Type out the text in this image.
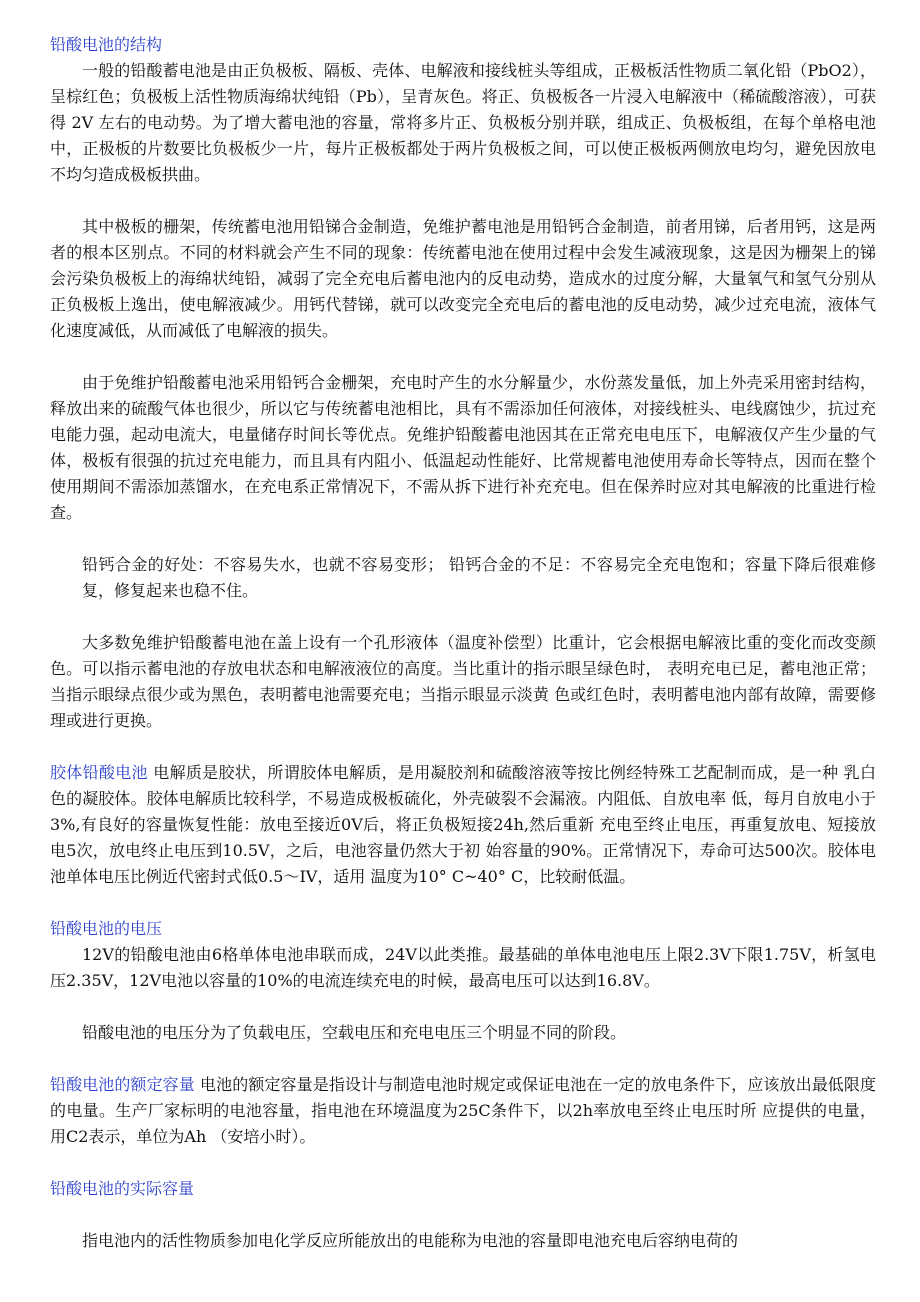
铅酸电池的结构

一般的铅酸蓄电池是由正负极板、隔板、壳体、电解液和接线桩头等组成，正极板活性物质二氧化铅（PbO2），呈棕红色；负极板上活性物质海绵状纯铅（Pb），呈青灰色。将正、负极板各一片浸入电解液中（稀硫酸溶液），可获得 2V 左右的电动势。为了增大蓄电池的容量，常将多片正、负极板分别并联，组成正、负极板组，在每个单格电池中，正极板的片数要比负极板少一片，每片正极板都处于两片负极板之间，可以使正极板两侧放电均匀，避免因放电不均匀造成极板拱曲。

其中极板的栅架，传统蓄电池用铅锑合金制造，免维护蓄电池是用铅钙合金制造，前者用锑，后者用钙，这是两者的根本区别点。不同的材料就会产生不同的现象：传统蓄电池在使用过程中会发生减液现象，这是因为栅架上的锑会污染负极板上的海绵状纯铅，减弱了完全充电后蓄电池内的反电动势，造成水的过度分解，大量氧气和氢气分别从正负极板上逸出，使电解液减少。用钙代替锑，就可以改变完全充电后的蓄电池的反电动势，减少过充电流，液体气化速度减低，从而减低了电解液的损失。

由于免维护铅酸蓄电池采用铅钙合金栅架，充电时产生的水分解量少，水份蒸发量低，加上外壳采用密封结构，释放出来的硫酸气体也很少，所以它与传统蓄电池相比，具有不需添加任何液体，对接线桩头、电线腐蚀少，抗过充电能力强，起动电流大，电量储存时间长等优点。免维护铅酸蓄电池因其在正常充电电压下，电解液仅产生少量的气体，极板有很强的抗过充电能力，而且具有内阻小、低温起动性能好、比常规蓄电池使用寿命长等特点，因而在整个使用期间不需添加蒸馏水，在充电系正常情况下，不需从拆下进行补充充电。但在保养时应对其电解液的比重进行检查。

铅钙合金的好处：不容易失水，也就不容易变形； 铅钙合金的不足：不容易完全充电饱和；容量下降后很难修复，修复起来也稳不住。

大多数免维护铅酸蓄电池在盖上设有一个孔形液体（温度补偿型）比重计，它会根据电解液比重的变化而改变颜色。可以指示蓄电池的存放电状态和电解液液位的高度。当比重计的指示眼呈绿色时， 表明充电已足，蓄电池正常；当指示眼绿点很少或为黑色，表明蓄电池需要充电；当指示眼显示淡黄 色或红色时，表明蓄电池内部有故障，需要修理或进行更换。

胶体铅酸电池 电解质是胶状，所谓胶体电解质，是用凝胶剂和硫酸溶液等按比例经特殊工艺配制而成，是一种 乳白色的凝胶体。胶体电解质比较科学，不易造成极板硫化，外壳破裂不会漏液。内阻低、自放电率 低，每月自放电小于3%,有良好的容量恢复性能：放电至接近0V后，将正负极短接24h,然后重新 充电至终止电压，再重复放电、短接放电5次，放电终止电压到10.5V，之后，电池容量仍然大于初 始容量的90%。正常情况下，寿命可达500次。胶体电池单体电压比例近代密封式低0.5～IV，适用 温度为10° C~40° C，比较耐低温。

铅酸电池的电压

12V的铅酸电池由6格单体电池串联而成，24V以此类推。最基础的单体电池电压上限2.3V下限1.75V，析氢电压2.35V，12V电池以容量的10%的电流连续充电的时候，最高电压可以达到16.8V。

铅酸电池的电压分为了负载电压，空载电压和充电电压三个明显不同的阶段。

铅酸电池的额定容量 电池的额定容量是指设计与制造电池时规定或保证电池在一定的放电条件下，应该放出最低限度 的电量。生产厂家标明的电池容量，指电池在环境温度为25C条件下，以2h率放电至终止电压时所 应提供的电量，用C2表示，单位为Ah （安培小时）。

铅酸电池的实际容量

指电池内的活性物质参加电化学反应所能放出的电能称为电池的容量即电池充电后容纳电荷的
